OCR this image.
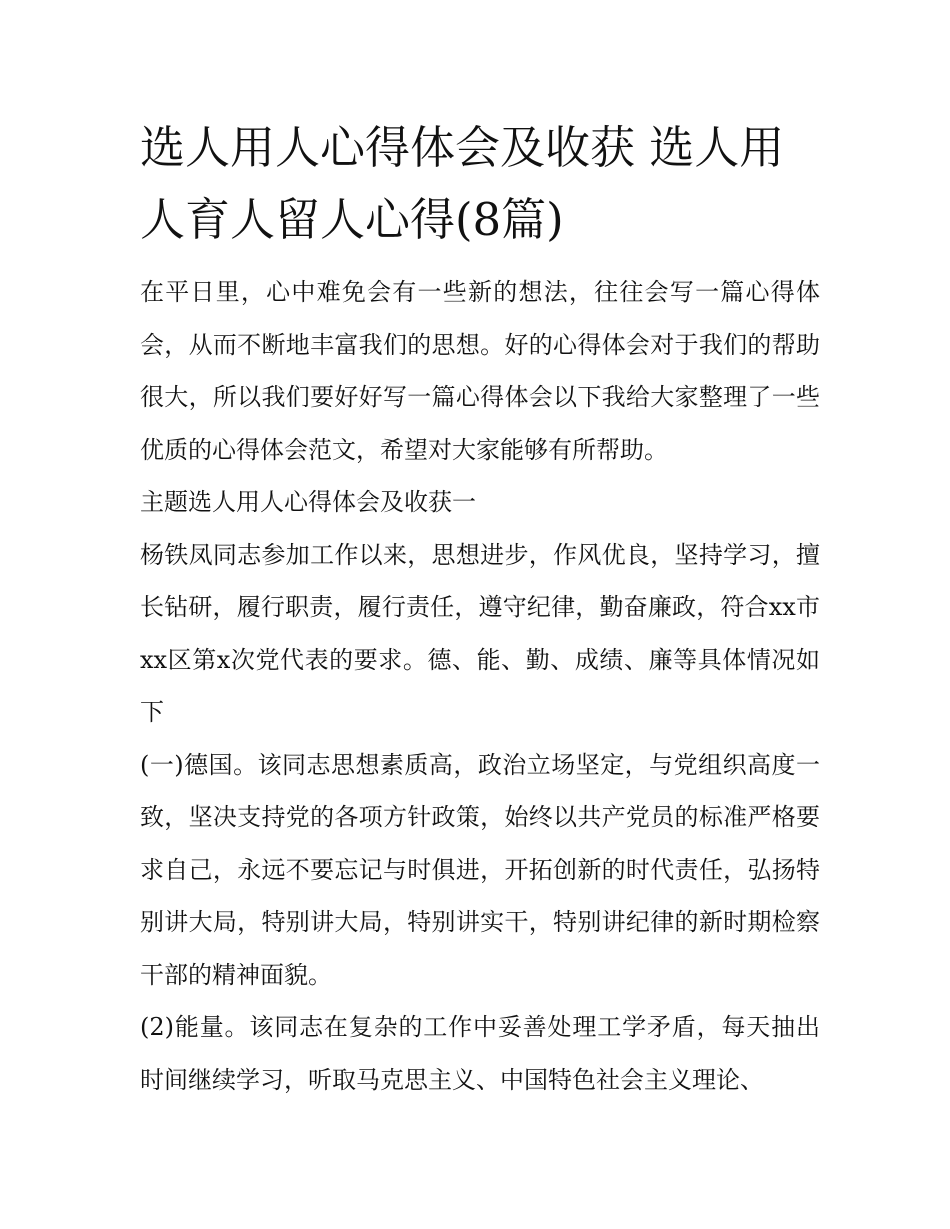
选人用人心得体会及收获 选人用人育人留人心得(8篇)

在平日里，心中难免会有一些新的想法，往往会写一篇心得体会，从而不断地丰富我们的思想。好的心得体会对于我们的帮助很大，所以我们要好好写一篇心得体会以下我给大家整理了一些优质的心得体会范文，希望对大家能够有所帮助。

主题选人用人心得体会及收获一

杨铁凤同志参加工作以来，思想进步，作风优良，坚持学习，擅长钻研，履行职责，履行责任，遵守纪律，勤奋廉政，符合xx市xx区第x次党代表的要求。德、能、勤、成绩、廉等具体情况如下

(一)德国。该同志思想素质高，政治立场坚定，与党组织高度一致，坚决支持党的各项方针政策，始终以共产党员的标准严格要求自己，永远不要忘记与时俱进，开拓创新的时代责任，弘扬特别讲大局，特别讲大局，特别讲实干，特别讲纪律的新时期检察干部的精神面貌。

(2)能量。该同志在复杂的工作中妥善处理工学矛盾，每天抽出时间继续学习，听取马克思主义、中国特色社会主义理论、
